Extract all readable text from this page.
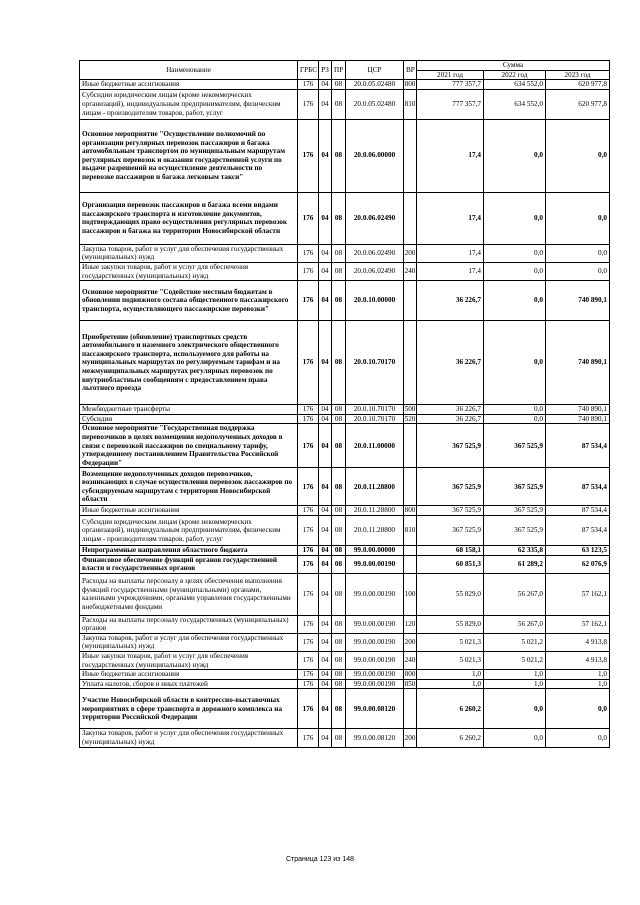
Наименование	ГРБС	РЗ	ПР	ЦСР	ВР	Сумма		
						2021 год	2022 год	2023 год
Иные бюджетные ассигнования	176	04	08	20.0.05.02480	800	777 357,7	634 552,0	620 977,8
Субсидии юридическим лицам (кроме некоммерческих организаций), индивидуальным предпринимателям, физическим лицам - производителям товаров, работ, услуг	176	04	08	20.0.05.02480	810	777 357,7	634 552,0	620 977,8
Основное мероприятие "Осуществление полномочий по организации регулярных перевозок пассажиров и багажа автомобильным транспортом по муниципальным маршрутам регулярных перевозок и оказания государственной услуги по выдаче разрешений на осуществление деятельности по перевозке пассажиров и багажа легковым такси"	176	04	08	20.0.06.00000		17,4	0,0	0,0
Организация перевозок пассажиров и багажа всеми видами пассажирского транспорта и изготовление документов, подтверждающих право осуществления регулярных перевозок пассажиров и багажа на территории Новосибирской области	176	04	08	20.0.06.02490		17,4	0,0	0,0
Закупка товаров, работ и услуг для обеспечения государственных (муниципальных) нужд	176	04	08	20.0.06.02490	200	17,4	0,0	0,0
Иные закупки товаров, работ и услуг для обеспечения государственных (муниципальных) нужд	176	04	08	20.0.06.02490	240	17,4	0,0	0,0
Основное мероприятие "Содействие местным бюджетам в обновлении подвижного состава общественного пассажирского транспорта, осуществляющего пассажирские перевозки"	176	04	08	20.0.10.00000		36 226,7	0,0	740 890,1
Приобретение (обновление) транспортных средств автомобильного и наземного электрического общественного пассажирского транспорта, используемого для работы на муниципальных маршрутах по регулируемым тарифам и на межмуниципальных маршрутах регулярных перевозок по внутриобластным сообщениям с предоставлением права льготного проезда	176	04	08	20.0.10.70170		36 226,7	0,0	740 890,1
Межбюджетные трансферты	176	04	08	20.0.10.70170	500	36 226,7	0,0	740 890,1
Субсидии	176	04	08	20.0.10.70170	520	36 226,7	0,0	740 890,1
Основное мероприятие "Государственная поддержка перевозчиков в целях возмещения недополученных доходов в связи с перевозкой пассажиров по специальному тарифу, утвержденному постановлением Правительства Российской Федерации"	176	04	08	20.0.11.00000		367 525,9	367 525,9	87 534,4
Возмещение недополученных доходов перевозчиков, возникающих в случае осуществления перевозок пассажиров по субсидируемым маршрутам с территории Новосибирской области	176	04	08	20.0.11.28800		367 525,9	367 525,9	87 534,4
Иные бюджетные ассигнования	176	04	08	20.0.11.28800	800	367 525,9	367 525,9	87 534,4
Субсидии юридическим лицам (кроме некоммерческих организаций), индивидуальным предпринимателям, физическим лицам - производителям товаров, работ, услуг	176	04	08	20.0.11.28800	810	367 525,9	367 525,9	87 534,4
Непрограммные направления областного бюджета	176	04	08	99.0.00.00000		68 158,1	62 335,8	63 123,5
Финансовое обеспечение функций органов государственной власти и государственных органов	176	04	08	99.0.00.00190		60 851,3	61 289,2	62 076,9
Расходы на выплаты персоналу в целях обеспечения выполнения функций государственными (муниципальными) органами, казенными учреждениями, органами управления государственными внебюджетными фондами	176	04	08	99.0.00.00190	100	55 829,0	56 267,0	57 162,1
Расходы на выплаты персоналу государственных (муниципальных) органов	176	04	08	99.0.00.00190	120	55 829,0	56 267,0	57 162,1
Закупка товаров, работ и услуг для обеспечения государственных (муниципальных) нужд	176	04	08	99.0.00.00190	200	5 021,3	5 021,2	4 913,8
Иные закупки товаров, работ и услуг для обеспечения государственных (муниципальных) нужд	176	04	08	99.0.00.00190	240	5 021,3	5 021,2	4 913,8
Иные бюджетные ассигнования	176	04	08	99.0.00.00190	800	1,0	1,0	1,0
Уплата налогов, сборов и иных платежей	176	04	08	99.0.00.00190	850	1,0	1,0	1,0
Участие Новосибирской области в контрессно-выставочных мероприятиях в сфере транспорта и дорожного комплекса на территории Российской Федерации	176	04	08	99.0.00.08120		6 260,2	0,0	0,0
Закупка товаров, работ и услуг для обеспечения государственных (муниципальных) нужд	176	04	08	99.0.00.08120	200	6 260,2	0,0	0,0
Страница 123 из 148
